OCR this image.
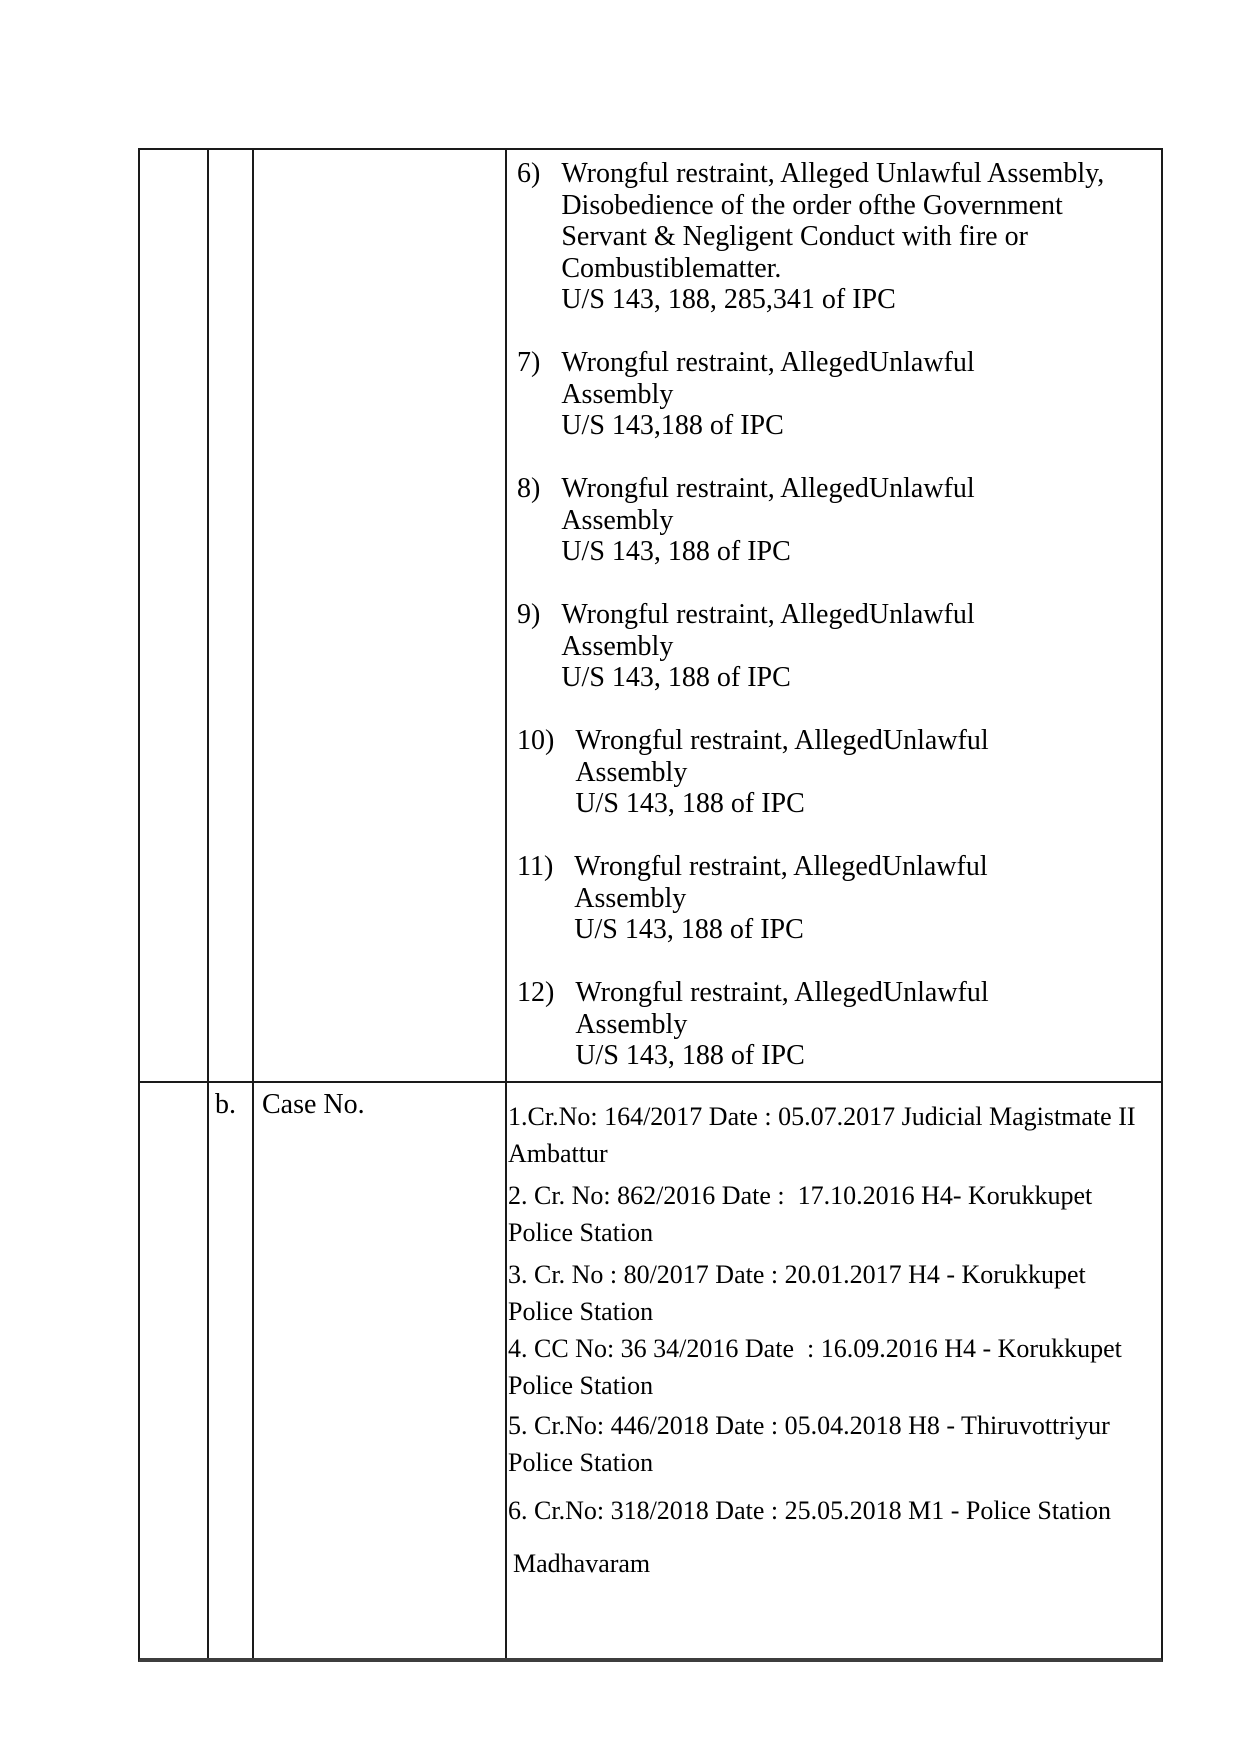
6) Wrongful restraint, Alleged Unlawful Assembly,
Disobedience of the order ofthe Government
Servant & Negligent Conduct with fire or
Combustiblematter.
U/S 143, 188, 285,341 of IPC
7) Wrongful restraint, AllegedUnlawful
Assembly
U/S 143,188 of IPC
8) Wrongful restraint, AllegedUnlawful
Assembly
U/S 143, 188 of IPC
9) Wrongful restraint, AllegedUnlawful
Assembly
U/S 143, 188 of IPC
10) Wrongful restraint, AllegedUnlawful
Assembly
U/S 143, 188 of IPC
11) Wrongful restraint, AllegedUnlawful
Assembly
U/S 143, 188 of IPC
12) Wrongful restraint, AllegedUnlawful
Assembly
U/S 143, 188 of IPC
b. Case No.	1.Cr.No: 164/2017 Date : 05.07.2017 Judicial Magistmate II
Ambattur
2. Cr. No: 862/2016 Date :  17.10.2016 H4- Korukkupet
Police Station
3. Cr. No : 80/2017 Date : 20.01.2017 H4 - Korukkupet
Police Station
4. CC No: 36 34/2016 Date  : 16.09.2016 H4 - Korukkupet
Police Station
5. Cr.No: 446/2018 Date : 05.04.2018 H8 - Thiruvottriyur
Police Station
6. Cr.No: 318/2018 Date : 25.05.2018 M1 - Police Station
Madhavaram
